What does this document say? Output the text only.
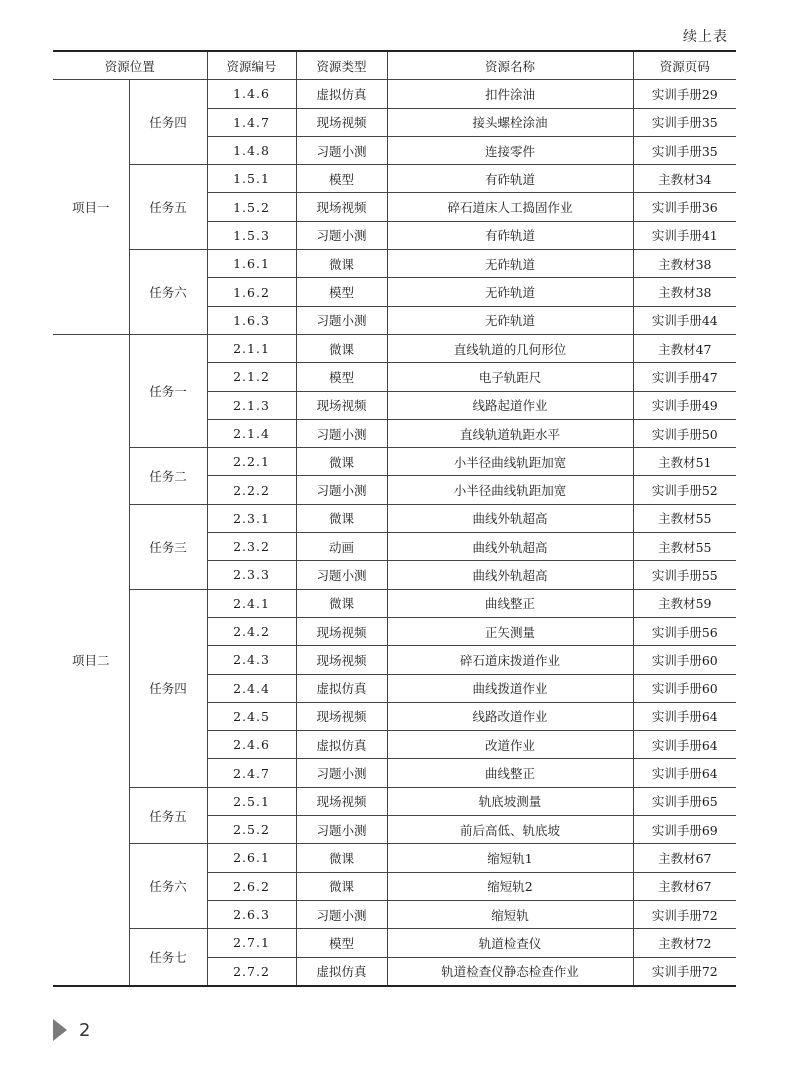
续上表
资源位置		资源编号	资源类型	资源名称	资源页码
项目一	任务四	1.4.6	虚拟仿真	扣件涂油	实训手册29
		1.4.7	现场视频	接头螺栓涂油	实训手册35
		1.4.8	习题小测	连接零件	实训手册35
	任务五	1.5.1	模型	有砟轨道	主教材34
		1.5.2	现场视频	碎石道床人工捣固作业	实训手册36
		1.5.3	习题小测	有砟轨道	实训手册41
	任务六	1.6.1	微课	无砟轨道	主教材38
		1.6.2	模型	无砟轨道	主教材38
		1.6.3	习题小测	无砟轨道	实训手册44
项目二	任务一	2.1.1	微课	直线轨道的几何形位	主教材47
		2.1.2	模型	电子轨距尺	实训手册47
		2.1.3	现场视频	线路起道作业	实训手册49
		2.1.4	习题小测	直线轨道轨距水平	实训手册50
	任务二	2.2.1	微课	小半径曲线轨距加宽	主教材51
		2.2.2	习题小测	小半径曲线轨距加宽	实训手册52
	任务三	2.3.1	微课	曲线外轨超高	主教材55
		2.3.2	动画	曲线外轨超高	主教材55
		2.3.3	习题小测	曲线外轨超高	实训手册55
	任务四	2.4.1	微课	曲线整正	主教材59
		2.4.2	现场视频	正矢测量	实训手册56
		2.4.3	现场视频	碎石道床拨道作业	实训手册60
		2.4.4	虚拟仿真	曲线拨道作业	实训手册60
		2.4.5	现场视频	线路改道作业	实训手册64
		2.4.6	虚拟仿真	改道作业	实训手册64
		2.4.7	习题小测	曲线整正	实训手册64
	任务五	2.5.1	现场视频	轨底坡测量	实训手册65
		2.5.2	习题小测	前后高低、轨底坡	实训手册69
	任务六	2.6.1	微课	缩短轨1	主教材67
		2.6.2	微课	缩短轨2	主教材67
		2.6.3	习题小测	缩短轨	实训手册72
	任务七	2.7.1	模型	轨道检查仪	主教材72
		2.7.2	虚拟仿真	轨道检查仪静态检查作业	实训手册72
2
